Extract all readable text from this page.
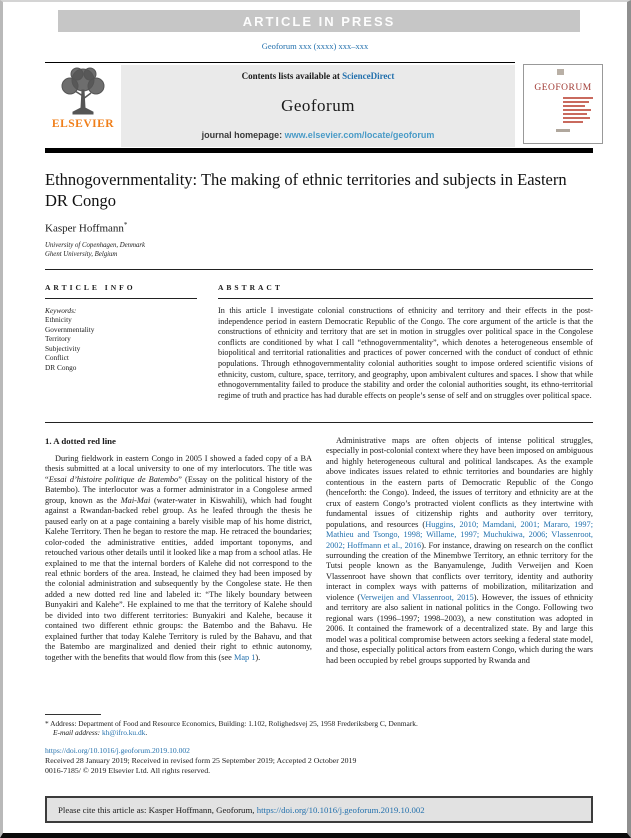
ARTICLE IN PRESS
Geoforum xxx (xxxx) xxx–xxx
ELSEVIER
Contents lists available at ScienceDirect
Geoforum
journal homepage: www.elsevier.com/locate/geoforum
GEOFORUM
Ethnogovernmentality: The making of ethnic territories and subjects in Eastern DR Congo
Kasper Hoffmann*
University of Copenhagen, Denmark
Ghent University, Belgium
ARTICLE INFO
Keywords:
Ethnicity
Governmentality
Territory
Subjectivity
Conflict
DR Congo
ABSTRACT
In this article I investigate colonial constructions of ethnicity and territory and their effects in the post-independence period in eastern Democratic Republic of the Congo. The core argument of the article is that the constructions of ethnicity and territory that are set in motion in struggles over political space in the Congolese conflicts are conditioned by what I call “ethnogovernmentality”, which denotes a heterogeneous ensemble of biopolitical and territorial rationalities and practices of power concerned with the conduct of conduct of ethnic populations. Through ethnogovernmentality colonial authorities sought to impose ordered scientific visions of ethnicity, custom, culture, space, territory, and geography, upon ambivalent cultures and spaces. I show that while ethnogovernmentality failed to produce the stability and order the colonial authorities sought, its ethno-territorial regime of truth and practice has had durable effects on people’s sense of self and on struggles over political space.
1. A dotted red line
During fieldwork in eastern Congo in 2005 I showed a faded copy of a BA thesis submitted at a local university to one of my interlocutors. The title was “Essai d’histoire politique de Batembo” (Essay on the political history of the Batembo). The interlocutor was a former administrator in a Congolese armed group, known as the Mai-Mai (water-water in Kiswahili), which had fought against a Rwandan-backed rebel group. As he leafed through the thesis he paused early on at a page containing a barely visible map of his home district, Kalehe Territory. Then he began to restore the map. He retraced the boundaries; color-coded the administrative entities, added important toponyms, and retouched various other details until it looked like a map from a school atlas. He explained to me that the internal borders of Kalehe did not correspond to the real ethnic borders of the area. Instead, he claimed they had been imposed by the colonial administration and subsequently by the Congolese state. He then added a new dotted red line and labeled it: “The likely boundary between Bunyakiri and Kalehe”. He explained to me that the territory of Kalehe should be divided into two different territories: Bunyakiri and Kalehe, because it contained two different ethnic groups: the Batembo and the Bahavu. He explained further that today Kalehe Territory is ruled by the Bahavu, and that the Batembo are marginalized and denied their right to ethnic autonomy, together with the benefits that would flow from this (see Map 1).
Administrative maps are often objects of intense political struggles, especially in post-colonial context where they have been imposed on ambiguous and highly heterogeneous cultural and political landscapes. As the example above indicates issues related to ethnic territories and boundaries are highly contentious in the eastern parts of Democratic Republic of the Congo (henceforth: the Congo). Indeed, the issues of territory and ethnicity are at the crux of eastern Congo’s protracted violent conflicts as they intertwine with fundamental issues of citizenship rights and authority over territory, populations, and resources (Huggins, 2010; Mamdani, 2001; Mararo, 1997; Mathieu and Tsongo, 1998; Willame, 1997; Muchukiwa, 2006; Vlassenroot, 2002; Hoffmann et al., 2016). For instance, drawing on research on the conflict surrounding the creation of the Minembwe Territory, an ethnic territory for the Tutsi people known as the Banyamulenge, Judith Verweijen and Koen Vlassenroot have shown that conflicts over territory, identity and authority interact in complex ways with patterns of mobilization, militarization and violence (Verweijen and Vlassenroot, 2015). However, the issues of ethnicity and territory are also salient in national politics in the Congo. Following two regional wars (1996–1997; 1998–2003), a new constitution was adopted in 2006. It contained the framework of a decentralized state. By and large this model was a political compromise between actors seeking a federal state model, and those, especially political actors from eastern Congo, which during the wars had been occupied by rebel groups supported by Rwanda and
* Address: Department of Food and Resource Economics, Building: 1.102, Rolighedsvej 25, 1958 Frederiksberg C, Denmark.
E-mail address: kh@ifro.ku.dk.
https://doi.org/10.1016/j.geoforum.2019.10.002
Received 28 January 2019; Received in revised form 25 September 2019; Accepted 2 October 2019
0016-7185/ © 2019 Elsevier Ltd. All rights reserved.
Please cite this article as: Kasper Hoffmann, Geoforum, https://doi.org/10.1016/j.geoforum.2019.10.002
